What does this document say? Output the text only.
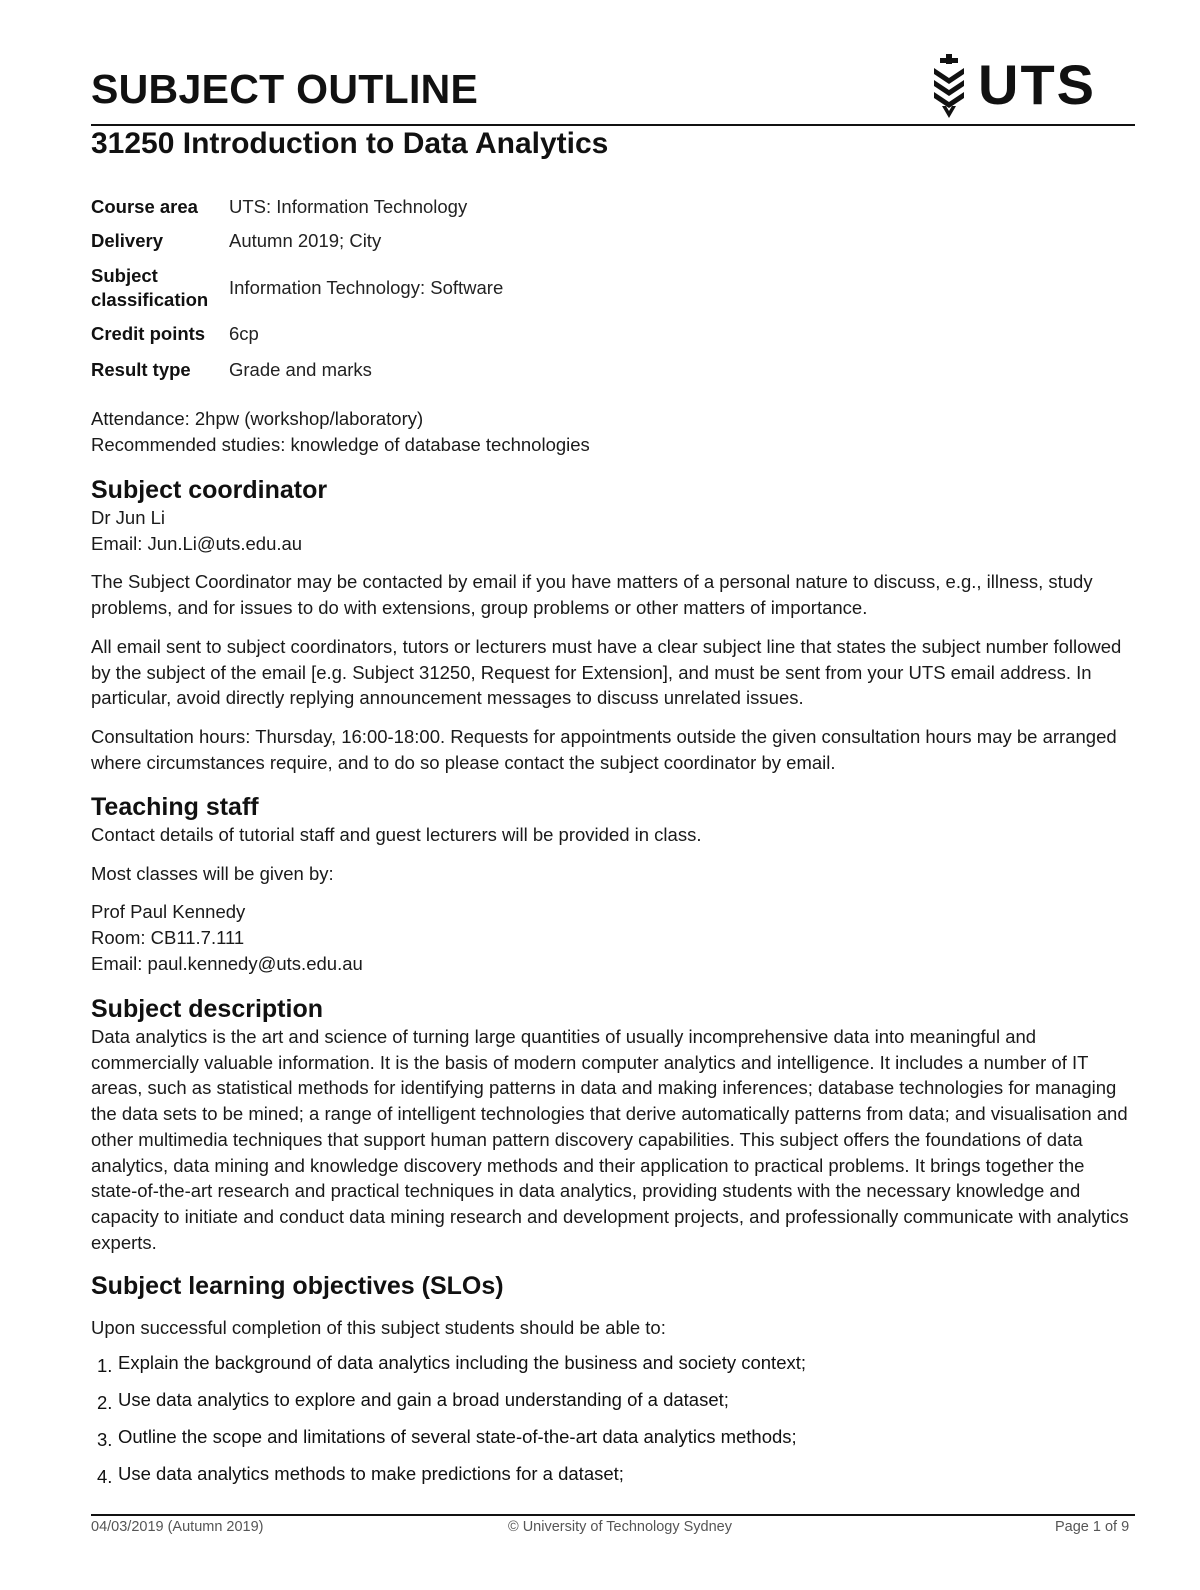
SUBJECT OUTLINE	UTS
31250 Introduction to Data Analytics
Course area	UTS: Information Technology
Delivery	Autumn 2019; City
Subject classification	Information Technology: Software
Credit points	6cp
Result type	Grade and marks

Attendance: 2hpw (workshop/laboratory)

Recommended studies: knowledge of database technologies

Subject coordinator

Dr Jun Li

Email: Jun.Li@uts.edu.au

The Subject Coordinator may be contacted by email if you have matters of a personal nature to discuss, e.g., illness, study problems, and for issues to do with extensions, group problems or other matters of importance.

All email sent to subject coordinators, tutors or lecturers must have a clear subject line that states the subject number followed by the subject of the email [e.g. Subject 31250, Request for Extension], and must be sent from your UTS email address. In particular, avoid directly replying announcement messages to discuss unrelated issues.

Consultation hours: Thursday, 16:00-18:00. Requests for appointments outside the given consultation hours may be arranged where circumstances require, and to do so please contact the subject coordinator by email.

Teaching staff

Contact details of tutorial staff and guest lecturers will be provided in class.

Most classes will be given by:

Prof Paul Kennedy

Room: CB11.7.111

Email: paul.kennedy@uts.edu.au

Subject description

Data analytics is the art and science of turning large quantities of usually incomprehensive data into meaningful and commercially valuable information. It is the basis of modern computer analytics and intelligence. It includes a number of IT areas, such as statistical methods for identifying patterns in data and making inferences; database technologies for managing the data sets to be mined; a range of intelligent technologies that derive automatically patterns from data; and visualisation and other multimedia techniques that support human pattern discovery capabilities. This subject offers the foundations of data analytics, data mining and knowledge discovery methods and their application to practical problems. It brings together the state-of-the-art research and practical techniques in data analytics, providing students with the necessary knowledge and capacity to initiate and conduct data mining research and development projects, and professionally communicate with analytics experts.

Subject learning objectives (SLOs)

Upon successful completion of this subject students should be able to:

1. Explain the background of data analytics including the business and society context;
2. Use data analytics to explore and gain a broad understanding of a dataset;
3. Outline the scope and limitations of several state-of-the-art data analytics methods;
4. Use data analytics methods to make predictions for a dataset;
04/03/2019 (Autumn 2019)	© University of Technology Sydney	Page 1 of 9
